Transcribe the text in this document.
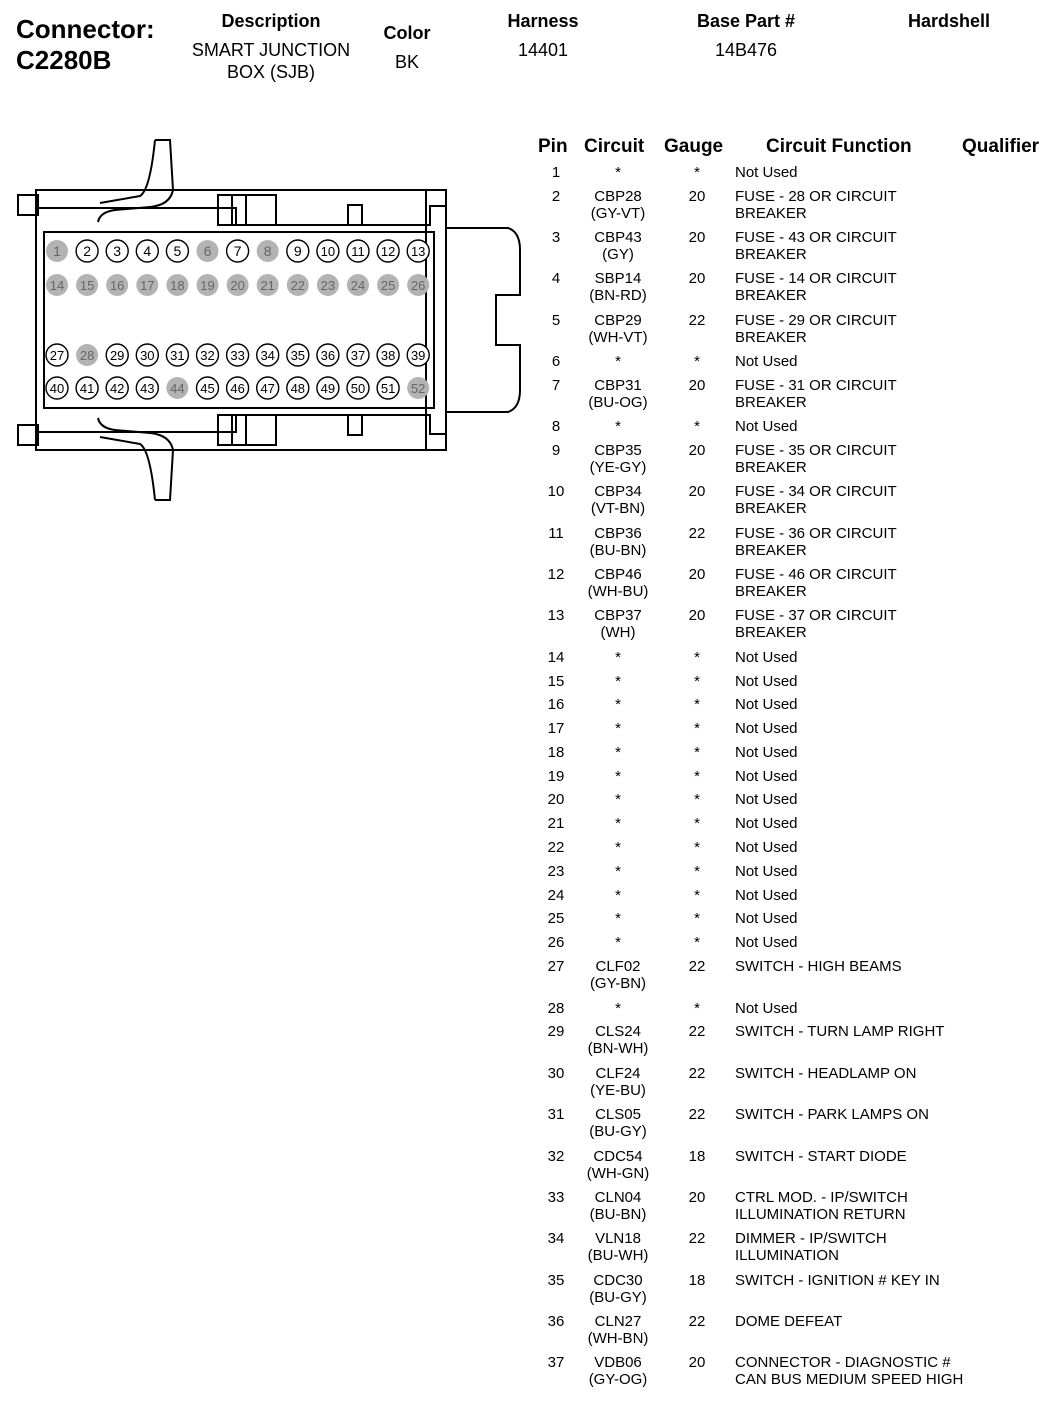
Connector:
C2280B
Description
SMART JUNCTION BOX (SJB)
Color
BK
Harness
14401
Base Part #
14B476
Hardshell
1 2 3 4 5 6 7 8 9 10 11 12 13
14 15 16 17 18 19 20 21 22 23 24 25 26
27 28 29 30 31 32 33 34 35 36 37 38 39
40 41 42 43 44 45 46 47 48 49 50 51 52
Pin Circuit Gauge Circuit Function	Qualifier
1	*	*	Not Used
2	CBP28
(GY-VT)
20	FUSE - 28 OR CIRCUIT BREAKER
3	CBP43
(GY)
20	FUSE - 43 OR CIRCUIT BREAKER
4	SBP14
(BN-RD)
20	FUSE - 14 OR CIRCUIT BREAKER
5	CBP29
(WH-VT)
22	FUSE - 29 OR CIRCUIT BREAKER
6	*	*	Not Used
7	CBP31
(BU-OG)
20	FUSE - 31 OR CIRCUIT BREAKER
8	*	*	Not Used
9	CBP35
(YE-GY)
20	FUSE - 35 OR CIRCUIT BREAKER
10	CBP34
(VT-BN)
20	FUSE - 34 OR CIRCUIT BREAKER
11	CBP36
(BU-BN)
22	FUSE - 36 OR CIRCUIT BREAKER
12	CBP46
(WH-BU)
20	FUSE - 46 OR CIRCUIT BREAKER
13	CBP37
(WH)
20	FUSE - 37 OR CIRCUIT BREAKER
14	*	*	Not Used
15	*	*	Not Used
16	*	*	Not Used
17	*	*	Not Used
18	*	*	Not Used
19	*	*	Not Used
20	*	*	Not Used
21	*	*	Not Used
22	*	*	Not Used
23	*	*	Not Used
24	*	*	Not Used
25	*	*	Not Used
26	*	*	Not Used
27	CLF02
(GY-BN)
22	SWITCH - HIGH BEAMS
28	*	*	Not Used
29	CLS24
(BN-WH)
22	SWITCH - TURN LAMP RIGHT
30	CLF24
(YE-BU)
22	SWITCH - HEADLAMP ON
31	CLS05
(BU-GY)
22	SWITCH - PARK LAMPS ON
32	CDC54
(WH-GN)
18	SWITCH - START DIODE
33	CLN04
(BU-BN)
20	CTRL MOD. - IP/SWITCH ILLUMINATION RETURN
34	VLN18
(BU-WH)
22	DIMMER - IP/SWITCH ILLUMINATION
35	CDC30
(BU-GY)
18	SWITCH - IGNITION # KEY IN
36	CLN27
(WH-BN)
22	DOME DEFEAT
37	VDB06
(GY-OG)
20	CONNECTOR - DIAGNOSTIC # CAN BUS MEDIUM SPEED HIGH
